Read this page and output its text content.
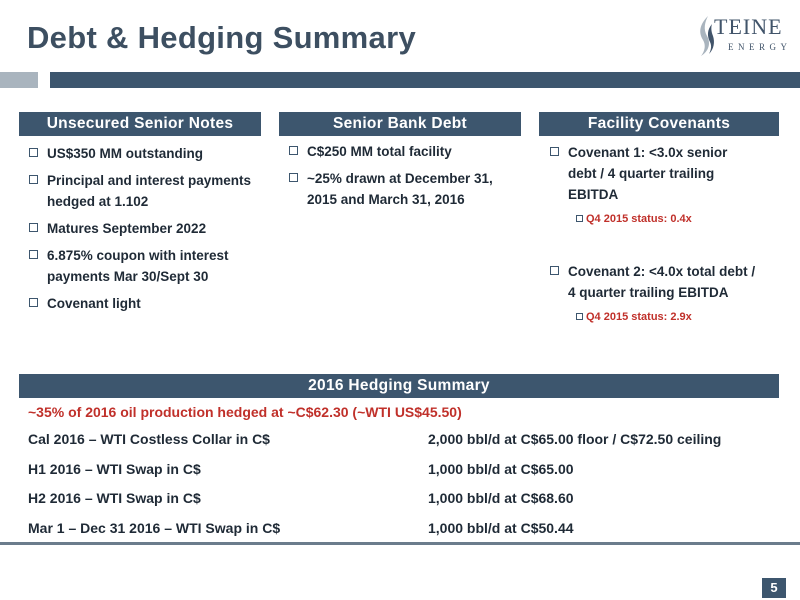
Debt & Hedging Summary	TEINE
ENERGY
Unsecured Senior Notes	Senior Bank Debt	Facility Covenants
US$350 MM outstanding
Principal and interest payments hedged at 1.102
Matures September 2022
6.875% coupon with interest payments Mar 30/Sept 30
Covenant light
C$250 MM total facility
~25% drawn at December 31, 2015 and March 31, 2016
Covenant 1: <3.0x senior debt / 4 quarter trailing EBITDA
Q4 2015 status: 0.4x
Covenant 2: <4.0x total debt / 4 quarter trailing EBITDA
Q4 2015 status: 2.9x
2016 Hedging Summary
~35% of 2016 oil production hedged at ~C$62.30 (~WTI US$45.50)
Cal 2016 – WTI Costless Collar in C$	2,000 bbl/d at C$65.00 floor / C$72.50 ceiling
H1 2016 – WTI Swap in C$	1,000 bbl/d at C$65.00
H2 2016 – WTI Swap in C$	1,000 bbl/d at C$68.60
Mar 1 – Dec 31 2016 – WTI Swap in C$	1,000 bbl/d at C$50.44
5
